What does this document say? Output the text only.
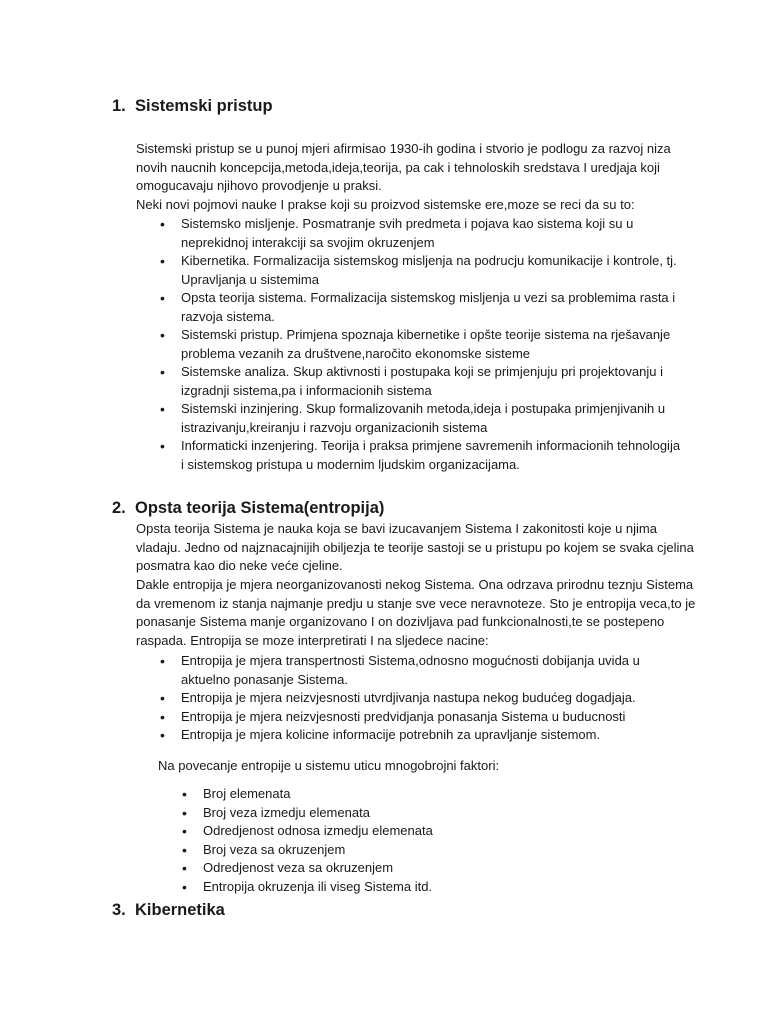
1. Sistemski pristup

Sistemski pristup se u punoj mjeri afirmisao 1930-ih godina i stvorio je podlogu za razvoj niza novih naucnih koncepcija,metoda,ideja,teorija, pa cak i tehnoloskih sredstava I uredjaja koji omogucavaju njihovo provodjenje u praksi.

Neki novi pojmovi nauke I prakse koji su proizvod sistemske ere,moze se reci da su to:

• Sistemsko misljenje. Posmatranje svih predmeta i pojava kao sistema koji su u neprekidnoj interakciji sa svojim okruzenjem
• Kibernetika. Formalizacija sistemskog misljenja na podrucju komunikacije i kontrole, tj. Upravljanja u sistemima
• Opsta teorija sistema. Formalizacija sistemskog misljenja u vezi sa problemima rasta i razvoja sistema.
• Sistemski pristup. Primjena spoznaja kibernetike i opšte teorije sistema na rješavanje problema vezanih za društvene,naročito ekonomske sisteme
• Sistemske analiza. Skup aktivnosti i postupaka koji se primjenjuju pri projektovanju i izgradnji sistema,pa i informacionih sistema
• Sistemski inzinjering. Skup formalizovanih metoda,ideja i postupaka primjenjivanih u istrazivanju,kreiranju i razvoju organizacionih sistema
• Informaticki inzenjering. Teorija i praksa primjene savremenih informacionih tehnologija i sistemskog pristupa u modernim ljudskim organizacijama.
2. Opsta teorija Sistema(entropija)

Opsta teorija Sistema je nauka koja se bavi izucavanjem Sistema I zakonitosti koje u njima vladaju. Jedno od najznacajnijih obiljezja te teorije sastoji se u pristupu po kojem se svaka cjelina posmatra kao dio neke veće cjeline.

Dakle entropija je mjera neorganizovanosti nekog Sistema. Ona odrzava prirodnu teznju Sistema da vremenom iz stanja najmanje predju u stanje sve vece neravnoteze. Sto je entropija veca,to je ponasanje Sistema manje organizovano I on dozivljava pad funkcionalnosti,te se postepeno raspada. Entropija se moze interpretirati I na sljedece nacine:

• Entropija je mjera transpertnosti Sistema,odnosno mogućnosti dobijanja uvida u aktuelno ponasanje Sistema.
• Entropija je mjera neizvjesnosti utvrdjivanja nastupa nekog budućeg dogadjaja.
• Entropija je mjera neizvjesnosti predvidjanja ponasanja Sistema u buducnosti
• Entropija je mjera kolicine informacije potrebnih za upravljanje sistemom.

Na povecanje entropije u sistemu uticu mnogobrojni faktori:

• Broj elemenata
• Broj veza izmedju elemenata
• Odredjenost odnosa izmedju elemenata
• Broj veza sa okruzenjem
• Odredjenost veza sa okruzenjem
• Entropija okruzenja ili viseg Sistema itd.
3. Kibernetika
